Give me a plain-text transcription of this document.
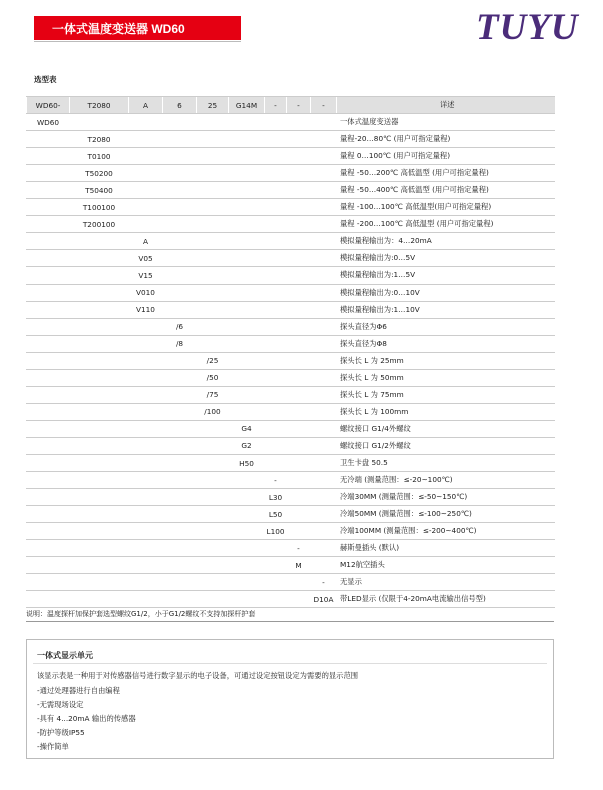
一体式温度变送器 WD60	TUYU
选型表
WD60-	T2080	A	6	25	G14M	-	-	-	详述
WD60									一体式温度变送器
	T2080								量程-20…80℃ (用户可指定量程)
	T0100								量程 0…100℃ (用户可指定量程)
	T50200								量程 -50…200℃ 高低温型 (用户可指定量程)
	T50400								量程 -50…400℃ 高低温型 (用户可指定量程)
	T100100								量程 -100…100℃ 高低温型(用户可指定量程)
	T200100								量程 -200…100℃ 高低温型 (用户可指定量程)
		A							模拟量程输出为：4…20mA
		V05							模拟量程输出为:0…5V
		V15							模拟量程输出为:1…5V
		V010							模拟量程输出为:0…10V
		V110							模拟量程输出为:1…10V
			/6						探头直径为Φ6
			/8						探头直径为Φ8
				/25					探头长 L 为 25mm
				/50					探头长 L 为 50mm
				/75					探头长 L 为 75mm
				/100					探头长 L 为 100mm
					G4				螺纹接口 G1/4外螺纹
					G2				螺纹接口 G1/2外螺纹
					H50				卫生卡盘 50.5
						-			无冷端 (测量范围：≤-20~100℃)
						L30			冷端30MM (测量范围：≤-50~150℃)
						L50			冷端50MM (测量范围：≤-100~250℃)
						L100			冷端100MM (测量范围：≤-200~400℃)
							-		赫斯曼插头 (默认)
							M		M12航空插头
								-	无显示
								D10A	带LED显示 (仅限于4-20mA电流输出信号型)
说明：温度探杆加保护套选型螺纹G1/2，小于G1/2螺纹不支持加探杆护套
一体式显示单元
该显示表是一种用于对传感器信号进行数字显示的电子设备，可通过设定按钮设定为需要的显示范围
-通过处理器进行自由编程
-无需现场设定
-具有 4...20mA 输出的传感器
-防护等级IP55
-操作简单
